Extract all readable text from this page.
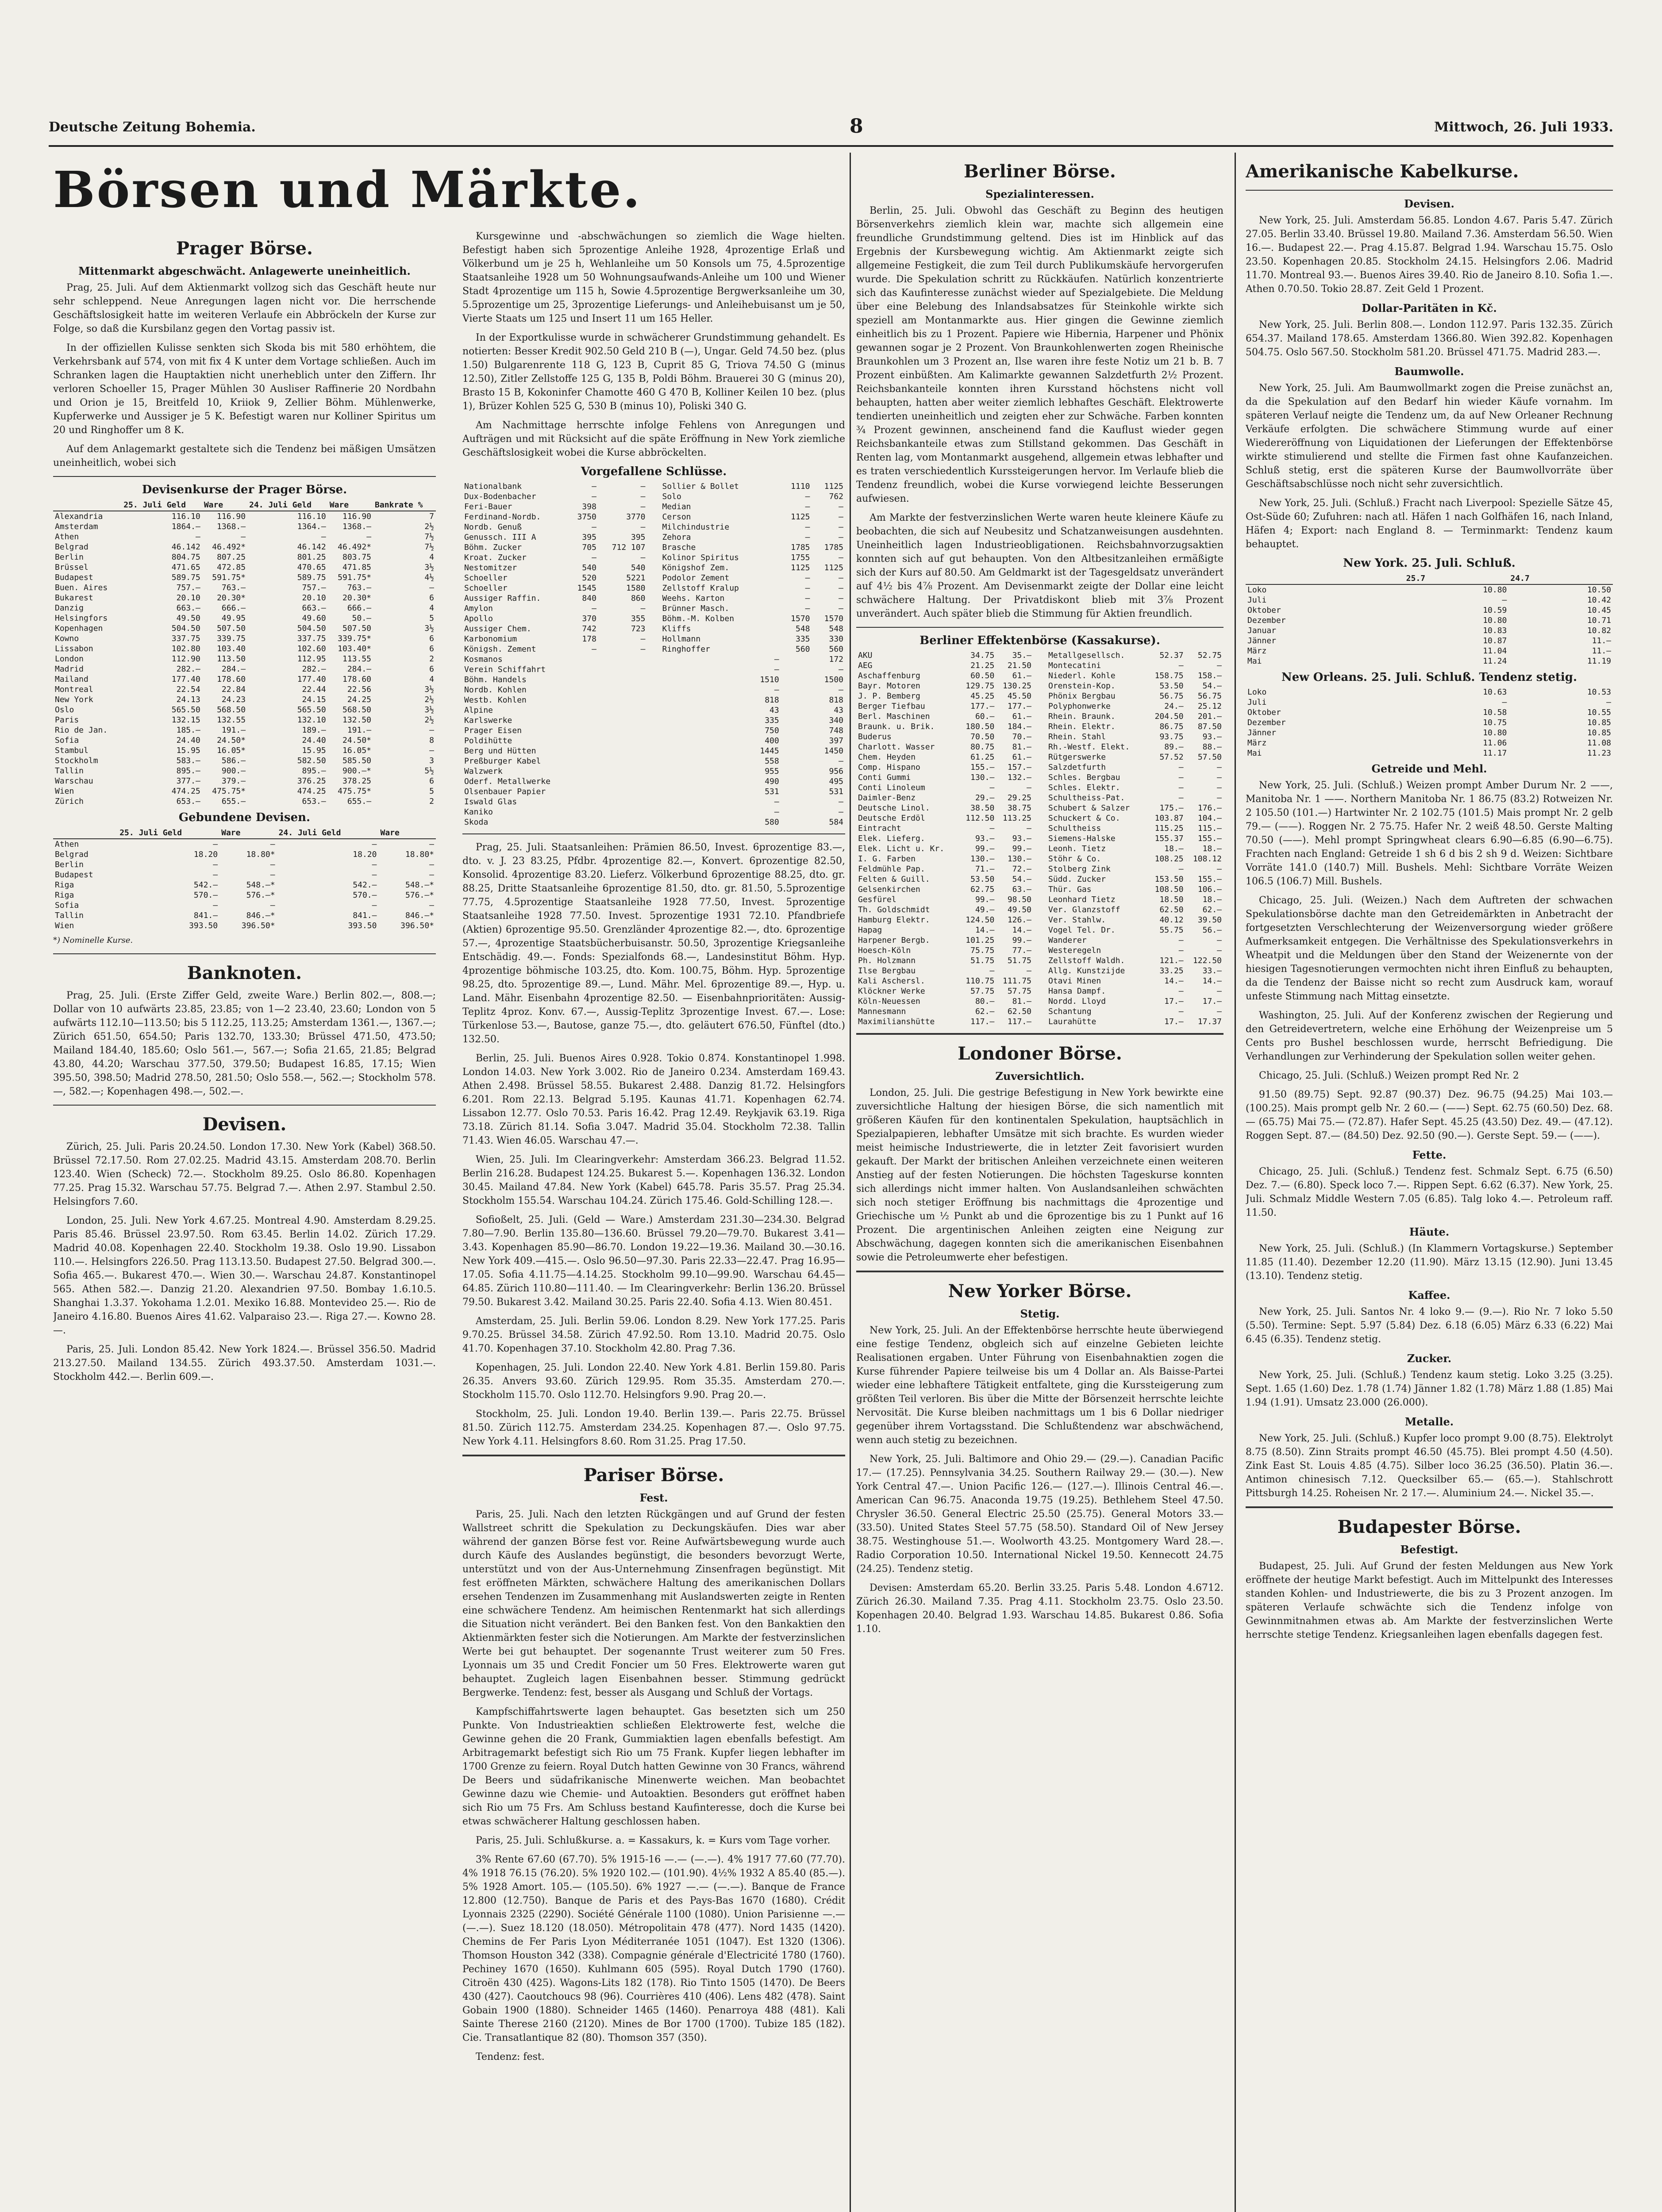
Deutsche Zeitung Bohemia.	8	Mittwoch, 26. Juli 1933.
Börsen und Märkte.
Prager Börse.
Mittenmarkt abgeschwächt. Anlagewerte uneinheitlich.

Prag, 25. Juli. Auf dem Aktienmarkt vollzog sich das Geschäft heute nur sehr schleppend. Neue Anregungen lagen nicht vor. Die herrschende Geschäftslosigkeit hatte im weiteren Verlaufe ein Abbröckeln der Kurse zur Folge, so daß die Kursbilanz gegen den Vortag passiv ist.

In der offiziellen Kulisse senkten sich Skoda bis mit 580 erhöhtem, die Verkehrsbank auf 574, von mit fix 4 K unter dem Vortage schließen. Auch im Schranken lagen die Hauptaktien nicht unerheblich unter den Ziffern. Ihr verloren Schoeller 15, Prager Mühlen 30 Ausliser Raffinerie 20 Nordbahn und Orion je 15, Breitfeld 10, Kriiok 9, Zellier Böhm. Mühlenwerke, Kupferwerke und Aussiger je 5 K. Befestigt waren nur Kolliner Spiritus um 20 und Ringhoffer um 8 K.

Auf dem Anlagemarkt gestaltete sich die Tendenz bei mäßigen Umsätzen uneinheitlich, wobei sich

Devisenkurse der Prager Börse.
	25. Juli Geld	Ware	24. Juli Geld	Ware	Bankrate %
Alexandria	116.10	116.90	116.10	116.90	7
Amsterdam	1864.—	1368.—	1364.—	1368.—	2½
Athen	—	—	—	—	7½
Belgrad	46.142	46.492*	46.142	46.492*	7½
Berlin	804.75	807.25	801.25	803.75	4
Brüssel	471.65	472.85	470.65	471.85	3½
Budapest	589.75	591.75*	589.75	591.75*	4½
Buen. Aires	757.—	763.—	757.—	763.—	—
Bukarest	20.10	20.30*	20.10	20.30*	6
Danzig	663.—	666.—	663.—	666.—	4
Helsingfors	49.50	49.95	49.60	50.—	5
Kopenhagen	504.50	507.50	504.50	507.50	3½
Kowno	337.75	339.75	337.75	339.75*	6
Lissabon	102.80	103.40	102.60	103.40*	6
London	112.90	113.50	112.95	113.55	2
Madrid	282.—	284.—	282.—	284.—	6
Mailand	177.40	178.60	177.40	178.60	4
Montreal	22.54	22.84	22.44	22.56	3½
New York	24.13	24.23	24.15	24.25	2½
Oslo	565.50	568.50	565.50	568.50	3½
Paris	132.15	132.55	132.10	132.50	2½
Rio de Jan.	185.—	191.—	189.—	191.—	—
Sofia	24.40	24.50*	24.40	24.50*	8
Stambul	15.95	16.05*	15.95	16.05*	—
Stockholm	583.—	586.—	582.50	585.50	3
Tallin	895.—	900.—	895.—	900.—*	5½
Warschau	377.—	379.—	376.25	378.25	6
Wien	474.25	475.75*	474.25	475.75*	5
Zürich	653.—	655.—	653.—	655.—	2
Gebundene Devisen.
	25. Juli Geld	Ware	24. Juli Geld	Ware
Athen	—	—	—	—
Belgrad	18.20	18.80*	18.20	18.80*
Berlin	—	—	—	—
Budapest	—	—	—	—
Riga	542.—	548.—*	542.—	548.—*
Riga	570.—	576.—*	570.—	576.—*
Sofia	—	—	—	—
Tallin	841.—	846.—*	841.—	846.—*
Wien	393.50	396.50*	393.50	396.50*
*) Nominelle Kurse.
Banknoten.

Prag, 25. Juli. (Erste Ziffer Geld, zweite Ware.) Berlin 802.—, 808.—; Dollar von 10 aufwärts 23.85, 23.85; von 1—2 23.40, 23.60; London von 5 aufwärts 112.10—113.50; bis 5 112.25, 113.25; Amsterdam 1361.—, 1367.—; Zürich 651.50, 654.50; Paris 132.70, 133.30; Brüssel 471.50, 473.50; Mailand 184.40, 185.60; Oslo 561.—, 567.—; Sofia 21.65, 21.85; Belgrad 43.80, 44.20; Warschau 377.50, 379.50; Budapest 16.85, 17.15; Wien 395.50, 398.50; Madrid 278.50, 281.50; Oslo 558.—, 562.—; Stockholm 578.—, 582.—; Kopenhagen 498.—, 502.—.

Devisen.

Zürich, 25. Juli. Paris 20.24.50. London 17.30. New York (Kabel) 368.50. Brüssel 72.17.50. Rom 27.02.25. Madrid 43.15. Amsterdam 208.70. Berlin 123.40. Wien (Scheck) 72.—. Stockholm 89.25. Oslo 86.80. Kopenhagen 77.25. Prag 15.32. Warschau 57.75. Belgrad 7.—. Athen 2.97. Stambul 2.50. Helsingfors 7.60.

London, 25. Juli. New York 4.67.25. Montreal 4.90. Amsterdam 8.29.25. Paris 85.46. Brüssel 23.97.50. Rom 63.45. Berlin 14.02. Zürich 17.29. Madrid 40.08. Kopenhagen 22.40. Stockholm 19.38. Oslo 19.90. Lissabon 110.—. Helsingfors 226.50. Prag 113.13.50. Budapest 27.50. Belgrad 300.—. Sofia 465.—. Bukarest 470.—. Wien 30.—. Warschau 24.87. Konstantinopel 565. Athen 582.—. Danzig 21.20. Alexandrien 97.50. Bombay 1.6.10.5. Shanghai 1.3.37. Yokohama 1.2.01. Mexiko 16.88. Montevideo 25.—. Rio de Janeiro 4.16.80. Buenos Aires 41.62. Valparaiso 23.—. Riga 27.—. Kowno 28.—.

Paris, 25. Juli. London 85.42. New York 1824.—. Brüssel 356.50. Madrid 213.27.50. Mailand 134.55. Zürich 493.37.50. Amsterdam 1031.—. Stockholm 442.—. Berlin 609.—.

Kursgewinne und -abschwächungen so ziemlich die Wage hielten. Befestigt haben sich 5prozentige Anleihe 1928, 4prozentige Erlaß und Völkerbund um je 25 h, Wehlanleihe um 50 Konsols um 75, 4.5prozentige Staatsanleihe 1928 um 50 Wohnungsaufwands-Anleihe um 100 und Wiener Stadt 4prozentige um 115 h, Sowie 4.5prozentige Bergwerksanleihe um 30, 5.5prozentige um 25, 3prozentige Lieferungs- und Anleihebuisanst um je 50, Vierte Staats um 125 und Insert 11 um 165 Heller.

In der Exportkulisse wurde in schwächerer Grundstimmung gehandelt. Es notierten: Besser Kredit 902.50 Geld 210 B (—), Ungar. Geld 74.50 bez. (plus 1.50) Bulgarenrente 118 G, 123 B, Cuprit 85 G, Triova 74.50 G (minus 12.50), Zitler Zellstoffe 125 G, 135 B, Poldi Böhm. Brauerei 30 G (minus 20), Brasto 15 B, Kokoninfer Chamotte 460 G 470 B, Kolliner Keilen 10 bez. (plus 1), Brüzer Kohlen 525 G, 530 B (minus 10), Poliski 340 G.

Am Nachmittage herrschte infolge Fehlens von Anregungen und Aufträgen und mit Rücksicht auf die späte Eröffnung in New York ziemliche Geschäftslosigkeit wobei die Kurse abbröckelten.

Vorgefallene Schlüsse.
Nationalbank	—	—
Dux-Bodenbacher	—	—
Feri-Bauer	398	—
Ferdinand-Nordb.	3750	3770
Nordb. Genuß	—	—
Genussch. III A	395	395
Böhm. Zucker	705	712 107
Kroat. Zucker	—	—
Nestomitzer	540	540
Schoeller	520	5221
Schoeller	1545	1580
Aussiger Raffin.	840	860
Amylon	—	—
Apollo	370	355
Aussiger Chem.	742	723
Karbonomium	178	—
Königsh. Zement	—	—
Sollier & Bollet	1110	1125
Solo	—	762
Median	—	—
Cerson	1125	—
Milchindustrie	—	—
Zehora	—	—
Brasche	1785	1785
Kolinor Spiritus	1755	—
Königshof Zem.	1125	1125
Podolor Zement	—	—
Zellstoff Kralup	—	—
Weehs. Karton	—	—
Brünner Masch.	—	—
Böhm.-M. Kolben	1570	1570
Kliffs	548	548
Hollmann	335	330
Ringhoffer	560	560
Kosmanos	—	172
Verein Schiffahrt	—	—
Böhm. Handels	1510	1500
Nordb. Kohlen	—	—
Westb. Kohlen	818	818
Alpine	43	43
Karlswerke	335	340
Prager Eisen	750	748
Poldihütte	400	397
Berg und Hütten	1445	1450
Preßburger Kabel	558	—
Walzwerk	955	956
Oderf. Metallwerke	490	495
Olsenbauer Papier	531	531
Iswald Glas	—	—
Kaniko	—	—
Skoda	580	584

Prag, 25. Juli. Staatsanleihen: Prämien 86.50, Invest. 6prozentige 83.—, dto. v. J. 23 83.25, Pfdbr. 4prozentige 82.—, Konvert. 6prozentige 82.50, Konsolid. 4prozentige 83.20. Lieferz. Völkerbund 6prozentige 88.25, dto. gr. 88.25, Dritte Staatsanleihe 6prozentige 81.50, dto. gr. 81.50, 5.5prozentige 77.75, 4.5prozentige Staatsanleihe 1928 77.50, Invest. 5prozentige Staatsanleihe 1928 77.50. Invest. 5prozentige 1931 72.10. Pfandbriefe (Aktien) 6prozentige 95.50. Grenzländer 4prozentige 82.—, dto. 6prozentige 57.—, 4prozentige Staatsbücherbuisanstr. 50.50, 3prozentige Kriegsanleihe Entschädig. 49.—. Fonds: Spezialfonds 68.—, Landesinstitut Böhm. Hyp. 4prozentige böhmische 103.25, dto. Kom. 100.75, Böhm. Hyp. 5prozentige 98.25, dto. 5prozentige 89.—, Lund. Mähr. Mel. 6prozentige 89.—, Hyp. u. Land. Mähr. Eisenbahn 4prozentige 82.50. — Eisenbahnprioritäten: Aussig-Teplitz 4proz. Konv. 67.—, Aussig-Teplitz 3prozentige Invest. 67.—. Lose: Türkenlose 53.—, Bautose, ganze 75.—, dto. geläutert 676.50, Fünftel (dto.) 132.50.

Berlin, 25. Juli. Buenos Aires 0.928. Tokio 0.874. Konstantinopel 1.998. London 14.03. New York 3.002. Rio de Janeiro 0.234. Amsterdam 169.43. Athen 2.498. Brüssel 58.55. Bukarest 2.488. Danzig 81.72. Helsingfors 6.201. Rom 22.13. Belgrad 5.195. Kaunas 41.71. Kopenhagen 62.74. Lissabon 12.77. Oslo 70.53. Paris 16.42. Prag 12.49. Reykjavik 63.19. Riga 73.18. Zürich 81.14. Sofia 3.047. Madrid 35.04. Stockholm 72.38. Tallin 71.43. Wien 46.05. Warschau 47.—.

Wien, 25. Juli. Im Clearingverkehr: Amsterdam 366.23. Belgrad 11.52. Berlin 216.28. Budapest 124.25. Bukarest 5.—. Kopenhagen 136.32. London 30.45. Mailand 47.84. New York (Kabel) 645.78. Paris 35.57. Prag 25.34. Stockholm 155.54. Warschau 104.24. Zürich 175.46. Gold-Schilling 128.—.

Sofioßelt, 25. Juli. (Geld — Ware.) Amsterdam 231.30—234.30. Belgrad 7.80—7.90. Berlin 135.80—136.60. Brüssel 79.20—79.70. Bukarest 3.41—3.43. Kopenhagen 85.90—86.70. London 19.22—19.36. Mailand 30.—30.16. New York 409.—415.—. Oslo 96.50—97.30. Paris 22.33—22.47. Prag 16.95—17.05. Sofia 4.11.75—4.14.25. Stockholm 99.10—99.90. Warschau 64.45—64.85. Zürich 110.80—111.40. — Im Clearingverkehr: Berlin 136.20. Brüssel 79.50. Bukarest 3.42. Mailand 30.25. Paris 22.40. Sofia 4.13. Wien 80.451.

Amsterdam, 25. Juli. Berlin 59.06. London 8.29. New York 177.25. Paris 9.70.25. Brüssel 34.58. Zürich 47.92.50. Rom 13.10. Madrid 20.75. Oslo 41.70. Kopenhagen 37.10. Stockholm 42.80. Prag 7.36.

Kopenhagen, 25. Juli. London 22.40. New York 4.81. Berlin 159.80. Paris 26.35. Anvers 93.60. Zürich 129.95. Rom 35.35. Amsterdam 270.—. Stockholm 115.70. Oslo 112.70. Helsingfors 9.90. Prag 20.—.

Stockholm, 25. Juli. London 19.40. Berlin 139.—. Paris 22.75. Brüssel 81.50. Zürich 112.75. Amsterdam 234.25. Kopenhagen 87.—. Oslo 97.75. New York 4.11. Helsingfors 8.60. Rom 31.25. Prag 17.50.

Pariser Börse.
Fest.

Paris, 25. Juli. Nach den letzten Rückgängen und auf Grund der festen Wallstreet schritt die Spekulation zu Deckungskäufen. Dies war aber während der ganzen Börse fest vor. Reine Aufwärtsbewegung wurde auch durch Käufe des Auslandes begünstigt, die besonders bevorzugt Werte, unterstützt und von der Aus-Unternehmung Zinsenfragen begünstigt. Mit fest eröffneten Märkten, schwächere Haltung des amerikanischen Dollars ersehen Tendenzen im Zusammenhang mit Auslandswerten zeigte in Renten eine schwächere Tendenz. Am heimischen Rentenmarkt hat sich allerdings die Situation nicht verändert. Bei den Banken fest. Von den Bankaktien den Aktienmärkten fester sich die Notierungen. Am Markte der festverzinslichen Werte bei gut behauptet. Der sogenannte Trust weiterer zum 50 Fres. Lyonnais um 35 und Credit Foncier um 50 Fres. Elektrowerte waren gut behauptet. Zugleich lagen Eisenbahnen besser. Stimmung gedrückt Bergwerke. Tendenz: fest, besser als Ausgang und Schluß der Vortags.

Kampfschiffahrtswerte lagen behauptet. Gas besetzten sich um 250 Punkte. Von Industrieaktien schließen Elektrowerte fest, welche die Gewinne gehen die 20 Frank, Gummiaktien lagen ebenfalls befestigt. Am Arbitragemarkt befestigt sich Rio um 75 Frank. Kupfer liegen lebhafter im 1700 Grenze zu feiern. Royal Dutch hatten Gewinne von 30 Francs, während De Beers und südafrikanische Minenwerte weichen. Man beobachtet Gewinne dazu wie Chemie- und Autoaktien. Besonders gut eröffnet haben sich Rio um 75 Frs. Am Schluss bestand Kaufinteresse, doch die Kurse bei etwas schwächerer Haltung geschlossen haben.

Paris, 25. Juli. Schlußkurse. a. = Kassakurs, k. = Kurs vom Tage vorher.

3% Rente 67.60 (67.70). 5% 1915-16 —.— (—.—). 4% 1917 77.60 (77.70). 4% 1918 76.15 (76.20). 5% 1920 102.— (101.90). 4½% 1932 A 85.40 (85.—). 5% 1928 Amort. 105.— (105.50). 6% 1927 —.— (—.—). Banque de France 12.800 (12.750). Banque de Paris et des Pays-Bas 1670 (1680). Crédit Lyonnais 2325 (2290). Société Générale 1100 (1080). Union Parisienne —.— (—.—). Suez 18.120 (18.050). Métropolitain 478 (477). Nord 1435 (1420). Chemins de Fer Paris Lyon Méditerranée 1051 (1047). Est 1320 (1306). Thomson Houston 342 (338). Compagnie générale d'Electricité 1780 (1760). Pechiney 1670 (1650). Kuhlmann 605 (595). Royal Dutch 1790 (1760). Citroën 430 (425). Wagons-Lits 182 (178). Rio Tinto 1505 (1470). De Beers 430 (427). Caoutchoucs 98 (96). Courrières 410 (406). Lens 482 (478). Saint Gobain 1900 (1880). Schneider 1465 (1460). Penarroya 488 (481). Kali Sainte Therese 2160 (2120). Mines de Bor 1700 (1700). Tubize 185 (182). Cie. Transatlantique 82 (80). Thomson 357 (350).

Tendenz: fest.

Berliner Börse.
Spezialinteressen.

Berlin, 25. Juli. Obwohl das Geschäft zu Beginn des heutigen Börsenverkehrs ziemlich klein war, machte sich allgemein eine freundliche Grundstimmung geltend. Dies ist im Hinblick auf das Ergebnis der Kursbewegung wichtig. Am Aktienmarkt zeigte sich allgemeine Festigkeit, die zum Teil durch Publikumskäufe hervorgerufen wurde. Die Spekulation schritt zu Rückkäufen. Natürlich konzentrierte sich das Kaufinteresse zunächst wieder auf Spezialgebiete. Die Meldung über eine Belebung des Inlandsabsatzes für Steinkohle wirkte sich speziell am Montanmarkte aus. Hier gingen die Gewinne ziemlich einheitlich bis zu 1 Prozent. Papiere wie Hibernia, Harpener und Phönix gewannen sogar je 2 Prozent. Von Braunkohlenwerten zogen Rheinische Braunkohlen um 3 Prozent an, Ilse waren ihre feste Notiz um 21 b. B. 7 Prozent einbüßten. Am Kalimarkte gewannen Salzdetfurth 2½ Prozent. Reichsbankanteile konnten ihren Kursstand höchstens nicht voll behaupten, hatten aber weiter ziemlich lebhaftes Geschäft. Elektrowerte tendierten uneinheitlich und zeigten eher zur Schwäche. Farben konnten ¾ Prozent gewinnen, anscheinend fand die Kauflust wieder gegen Reichsbankanteile etwas zum Stillstand gekommen. Das Geschäft in Renten lag, vom Montanmarkt ausgehend, allgemein etwas lebhafter und es traten verschiedentlich Kurssteigerungen hervor. Im Verlaufe blieb die Tendenz freundlich, wobei die Kurse vorwiegend leichte Besserungen aufwiesen.

Am Markte der festverzinslichen Werte waren heute kleinere Käufe zu beobachten, die sich auf Neubesitz und Schatzanweisungen ausdehnten. Uneinheitlich lagen Industrieobligationen. Reichsbahnvorzugsaktien konnten sich auf gut behaupten. Von den Altbesitzanleihen ermäßigte sich der Kurs auf 80.50. Am Geldmarkt ist der Tagesgeldsatz unverändert auf 4½ bis 4⅞ Prozent. Am Devisenmarkt zeigte der Dollar eine leicht schwächere Haltung. Der Privatdiskont blieb mit 3⅞ Prozent unverändert. Auch später blieb die Stimmung für Aktien freundlich.

Berliner Effektenbörse (Kassakurse).
AKU	34.75	35.—
AEG	21.25	21.50
Aschaffenburg	60.50	61.—
Bayr. Motoren	129.75	130.25
J. P. Bemberg	45.25	45.50
Berger Tiefbau	177.—	177.—
Berl. Maschinen	60.—	61.—
Braunk. u. Brik.	180.50	184.—
Buderus	70.50	70.—
Charlott. Wasser	80.75	81.—
Chem. Heyden	61.25	61.—
Comp. Hispano	155.—	157.—
Conti Gummi	130.—	132.—
Conti Linoleum	—	—
Daimler-Benz	29.—	29.25
Deutsche Linol.	38.50	38.75
Deutsche Erdöl	112.50	113.25
Eintracht	—	—
Elek. Lieferg.	93.—	93.—
Elek. Licht u. Kr.	99.—	99.—
I. G. Farben	130.—	130.—
Feldmühle Pap.	71.—	72.—
Felten & Guill.	53.50	54.—
Gelsenkirchen	62.75	63.—
Gesfürel	99.—	98.50
Th. Goldschmidt	49.—	49.50
Hamburg Elektr.	124.50	126.—
Hapag	14.—	14.—
Harpener Bergb.	101.25	99.—
Hoesch-Köln	75.75	77.—
Ph. Holzmann	51.75	51.75
Ilse Bergbau	—	—
Kali Aschersl.	110.75	111.75
Klöckner Werke	57.75	57.75
Köln-Neuessen	80.—	81.—
Mannesmann	62.—	62.50
Maximilianshütte	117.—	117.—
Metallgesellsch.	52.37	52.75
Montecatini	—	—
Niederl. Kohle	158.75	158.—
Orenstein-Kop.	53.50	54.—
Phönix Bergbau	56.75	56.75
Polyphonwerke	24.—	25.12
Rhein. Braunk.	204.50	201.—
Rhein. Elektr.	86.75	87.50
Rhein. Stahl	93.75	93.—
Rh.-Westf. Elekt.	89.—	88.—
Rütgerswerke	57.52	57.50
Salzdetfurth	—	—
Schles. Bergbau	—	—
Schles. Elektr.	—	—
Schultheiss-Pat.	—	—
Schubert & Salzer	175.—	176.—
Schuckert & Co.	103.87	104.—
Schultheiss	115.25	115.—
Siemens-Halske	155.37	155.—
Leonh. Tietz	18.—	18.—
Stöhr & Co.	108.25	108.12
Stolberg Zink	—	—
Südd. Zucker	153.50	155.—
Thür. Gas	108.50	106.—
Leonhard Tietz	18.50	18.—
Ver. Glanzstoff	62.50	62.—
Ver. Stahlw.	40.12	39.50
Vogel Tel. Dr.	55.75	56.—
Wanderer	—	—
Westeregeln	—	—
Zellstoff Waldh.	121.—	122.50
Allg. Kunstzijde	33.25	33.—
Otavi Minen	14.—	14.—
Hansa Dampf.	—	—
Nordd. Lloyd	17.—	17.—
Schantung	—	—
Laurahütte	17.—	17.37
Londoner Börse.
Zuversichtlich.

London, 25. Juli. Die gestrige Befestigung in New York bewirkte eine zuversichtliche Haltung der hiesigen Börse, die sich namentlich mit größeren Käufen für den kontinentalen Spekulation, hauptsächlich in Spezialpapieren, lebhafter Umsätze mit sich brachte. Es wurden wieder meist heimische Industriewerte, die in letzter Zeit favorisiert wurden gekauft. Der Markt der britischen Anleihen verzeichnete einen weiteren Anstieg auf der festen Notierungen. Die höchsten Tageskurse konnten sich allerdings nicht immer halten. Von Auslandsanleihen schwächten sich noch stetiger Eröffnung bis nachmittags die 4prozentige und Griechische um ½ Punkt ab und die 6prozentige bis zu 1 Punkt auf 16 Prozent. Die argentinischen Anleihen zeigten eine Neigung zur Abschwächung, dagegen konnten sich die amerikanischen Eisenbahnen sowie die Petroleumwerte eher befestigen.

New Yorker Börse.
Stetig.

New York, 25. Juli. An der Effektenbörse herrschte heute überwiegend eine festige Tendenz, obgleich sich auf einzelne Gebieten leichte Realisationen ergaben. Unter Führung von Eisenbahnaktien zogen die Kurse führender Papiere teilweise bis um 4 Dollar an. Als Baisse-Partei wieder eine lebhaftere Tätigkeit entfaltete, ging die Kurssteigerung zum größten Teil verloren. Bis über die Mitte der Börsenzeit herrschte leichte Nervosität. Die Kurse bleiben nachmittags um 1 bis 6 Dollar niedriger gegenüber ihrem Vortagsstand. Die Schlußtendenz war abschwächend, wenn auch stetig zu bezeichnen.

New York, 25. Juli. Baltimore and Ohio 29.— (29.—). Canadian Pacific 17.— (17.25). Pennsylvania 34.25. Southern Railway 29.— (30.—). New York Central 47.—. Union Pacific 126.— (127.—). Illinois Central 46.—. American Can 96.75. Anaconda 19.75 (19.25). Bethlehem Steel 47.50. Chrysler 36.50. General Electric 25.50 (25.75). General Motors 33.— (33.50). United States Steel 57.75 (58.50). Standard Oil of New Jersey 38.75. Westinghouse 51.—. Woolworth 43.25. Montgomery Ward 28.—. Radio Corporation 10.50. International Nickel 19.50. Kennecott 24.75 (24.25). Tendenz stetig.

Devisen: Amsterdam 65.20. Berlin 33.25. Paris 5.48. London 4.6712. Zürich 26.30. Mailand 7.35. Prag 4.11. Stockholm 23.75. Oslo 23.50. Kopenhagen 20.40. Belgrad 1.93. Warschau 14.85. Bukarest 0.86. Sofia 1.10.

Amerikanische Kabelkurse.
Devisen.

New York, 25. Juli. Amsterdam 56.85. London 4.67. Paris 5.47. Zürich 27.05. Berlin 33.40. Brüssel 19.80. Mailand 7.36. Amsterdam 56.50. Wien 16.—. Budapest 22.—. Prag 4.15.87. Belgrad 1.94. Warschau 15.75. Oslo 23.50. Kopenhagen 20.85. Stockholm 24.15. Helsingfors 2.06. Madrid 11.70. Montreal 93.—. Buenos Aires 39.40. Rio de Janeiro 8.10. Sofia 1.—. Athen 0.70.50. Tokio 28.87. Zeit Geld 1 Prozent.

Dollar-Paritäten in Kč.

New York, 25. Juli. Berlin 808.—. London 112.97. Paris 132.35. Zürich 654.37. Mailand 178.65. Amsterdam 1366.80. Wien 392.82. Kopenhagen 504.75. Oslo 567.50. Stockholm 581.20. Brüssel 471.75. Madrid 283.—.

Baumwolle.

New York, 25. Juli. Am Baumwollmarkt zogen die Preise zunächst an, da die Spekulation auf den Bedarf hin wieder Käufe vornahm. Im späteren Verlauf neigte die Tendenz um, da auf New Orleaner Rechnung Verkäufe erfolgten. Die schwächere Stimmung wurde auf einer Wiedereröffnung von Liquidationen der Lieferungen der Effektenbörse wirkte stimulierend und stellte die Firmen fast ohne Kaufanzeichen. Schluß stetig, erst die späteren Kurse der Baumwollvorräte über Geschäftsabschlüsse noch nicht sehr zuversichtlich.

New York, 25. Juli. (Schluß.) Fracht nach Liverpool: Spezielle Sätze 45, Ost-Süde 60; Zufuhren: nach atl. Häfen 1 nach Golfhäfen 16, nach Inland, Häfen 4; Export: nach England 8. — Terminmarkt: Tendenz kaum behauptet.

New York. 25. Juli. Schluß.
	25.7	24.7
Loko	10.80	10.50
Juli	—	10.42
Oktober	10.59	10.45
Dezember	10.80	10.71
Januar	10.83	10.82
Jänner	10.87	11.—
März	11.04	11.—
Mai	11.24	11.19
New Orleans. 25. Juli. Schluß. Tendenz stetig.
Loko	10.63	10.53
Juli	—	—
Oktober	10.58	10.55
Dezember	10.75	10.85
Jänner	10.80	10.85
März	11.06	11.08
Mai	11.17	11.23
Getreide und Mehl.

New York, 25. Juli. (Schluß.) Weizen prompt Amber Durum Nr. 2 ——, Manitoba Nr. 1 ——. Northern Manitoba Nr. 1 86.75 (83.2) Rotweizen Nr. 2 105.50 (101.—) Hartwinter Nr. 2 102.75 (101.5) Mais prompt Nr. 2 gelb 79.— (——). Roggen Nr. 2 75.75. Hafer Nr. 2 weiß 48.50. Gerste Malting 70.50 (——). Mehl prompt Springwheat clears 6.90—6.85 (6.90—6.75). Frachten nach England: Getreide 1 sh 6 d bis 2 sh 9 d. Weizen: Sichtbare Vorräte 141.0 (140.7) Mill. Bushels. Mehl: Sichtbare Vorräte Weizen 106.5 (106.7) Mill. Bushels.

Chicago, 25. Juli. (Weizen.) Nach dem Auftreten der schwachen Spekulationsbörse dachte man den Getreidemärkten in Anbetracht der fortgesetzten Verschlechterung der Weizenversorgung wieder größere Aufmerksamkeit entgegen. Die Verhältnisse des Spekulationsverkehrs in Wheatpit und die Meldungen über den Stand der Weizenernte von der hiesigen Tagesnotierungen vermochten nicht ihren Einfluß zu behaupten, da die Tendenz der Baisse nicht so recht zum Ausdruck kam, worauf unfeste Stimmung nach Mittag einsetzte.

Washington, 25. Juli. Auf der Konferenz zwischen der Regierung und den Getreidevertretern, welche eine Erhöhung der Weizenpreise um 5 Cents pro Bushel beschlossen wurde, herrscht Befriedigung. Die Verhandlungen zur Verhinderung der Spekulation sollen weiter gehen.

Chicago, 25. Juli. (Schluß.) Weizen prompt Red Nr. 2

91.50 (89.75) Sept. 92.87 (90.37) Dez. 96.75 (94.25) Mai 103.— (100.25). Mais prompt gelb Nr. 2 60.— (——) Sept. 62.75 (60.50) Dez. 68.— (65.75) Mai 75.— (72.87). Hafer Sept. 45.25 (43.50) Dez. 49.— (47.12). Roggen Sept. 87.— (84.50) Dez. 92.50 (90.—). Gerste Sept. 59.— (——).

Fette.

Chicago, 25. Juli. (Schluß.) Tendenz fest. Schmalz Sept. 6.75 (6.50) Dez. 7.— (6.80). Speck loco 7.—. Rippen Sept. 6.62 (6.37). New York, 25. Juli. Schmalz Middle Western 7.05 (6.85). Talg loko 4.—. Petroleum raff. 11.50.

Häute.

New York, 25. Juli. (Schluß.) (In Klammern Vortagskurse.) September 11.85 (11.40). Dezember 12.20 (11.90). März 13.15 (12.90). Juni 13.45 (13.10). Tendenz stetig.

Kaffee.

New York, 25. Juli. Santos Nr. 4 loko 9.— (9.—). Rio Nr. 7 loko 5.50 (5.50). Termine: Sept. 5.97 (5.84) Dez. 6.18 (6.05) März 6.33 (6.22) Mai 6.45 (6.35). Tendenz stetig.

Zucker.

New York, 25. Juli. (Schluß.) Tendenz kaum stetig. Loko 3.25 (3.25). Sept. 1.65 (1.60) Dez. 1.78 (1.74) Jänner 1.82 (1.78) März 1.88 (1.85) Mai 1.94 (1.91). Umsatz 23.000 (26.000).

Metalle.

New York, 25. Juli. (Schluß.) Kupfer loco prompt 9.00 (8.75). Elektrolyt 8.75 (8.50). Zinn Straits prompt 46.50 (45.75). Blei prompt 4.50 (4.50). Zink East St. Louis 4.85 (4.75). Silber loco 36.25 (36.50). Platin 36.—. Antimon chinesisch 7.12. Quecksilber 65.— (65.—). Stahlschrott Pittsburgh 14.25. Roheisen Nr. 2 17.—. Aluminium 24.—. Nickel 35.—.

Budapester Börse.
Befestigt.

Budapest, 25. Juli. Auf Grund der festen Meldungen aus New York eröffnete der heutige Markt befestigt. Auch im Mittelpunkt des Interesses standen Kohlen- und Industriewerte, die bis zu 3 Prozent anzogen. Im späteren Verlaufe schwächte sich die Tendenz infolge von Gewinnmitnahmen etwas ab. Am Markte der festverzinslichen Werte herrschte stetige Tendenz. Kriegsanleihen lagen ebenfalls dagegen fest.
